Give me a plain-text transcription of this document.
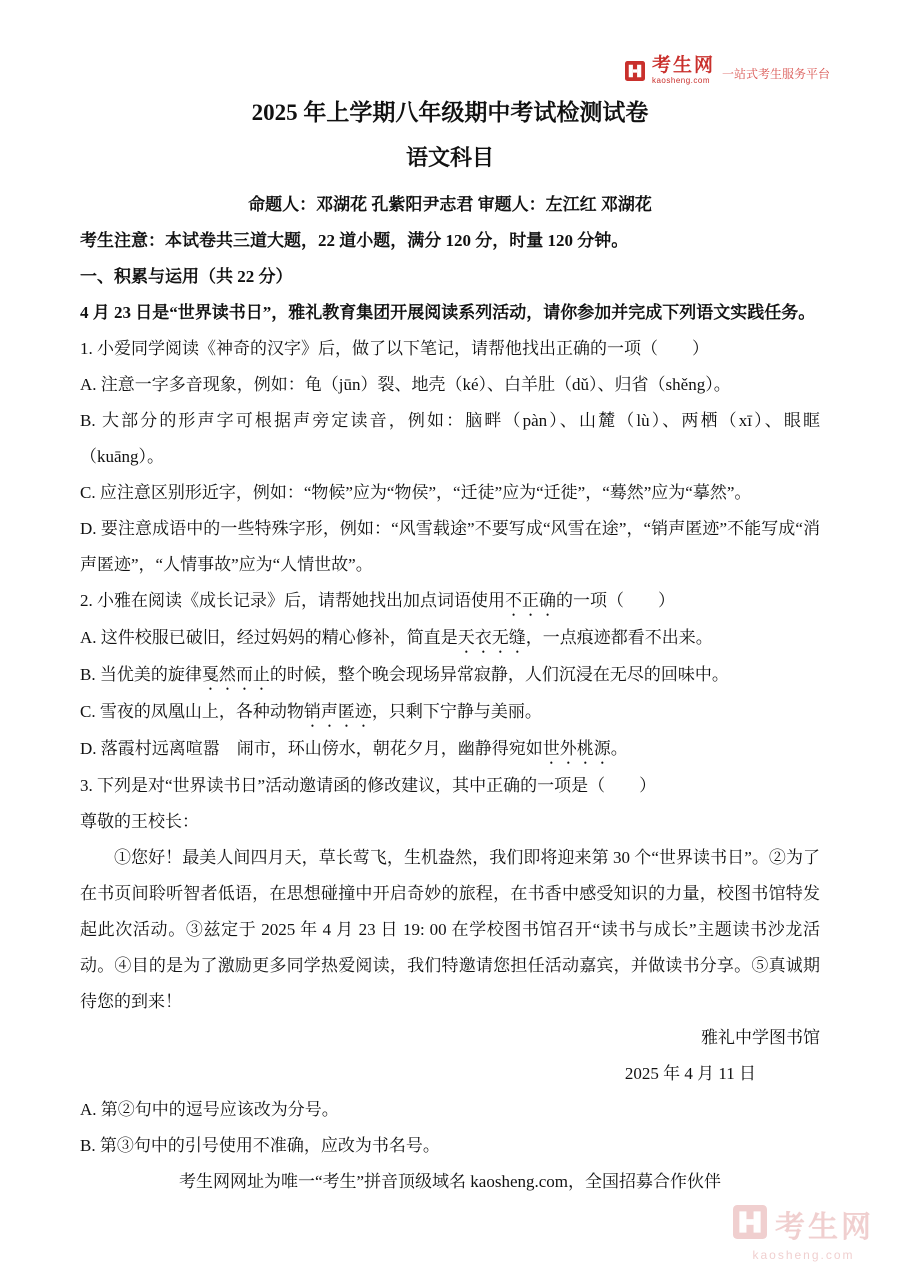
考生网
kaosheng.com 一站式考生服务平台
2025 年上学期八年级期中考试检测试卷
语文科目

命题人：邓湖花 孔紫阳尹志君 审题人：左江红 邓湖花

考生注意：本试卷共三道大题，22 道小题，满分 120 分，时量 120 分钟。

一、积累与运用（共 22 分）

4 月 23 日是“世界读书日”，雅礼教育集团开展阅读系列活动，请你参加并完成下列语文实践任务。

1. 小爱同学阅读《神奇的汉字》后，做了以下笔记，请帮他找出正确的一项（　　）

A. 注意一字多音现象，例如：龟（jūn）裂、地壳（ké）、白羊肚（dǔ）、归省（shěng）。

B. 大部分的形声字可根据声旁定读音，例如：脑畔（pàn）、山麓（lù）、两栖（xī）、眼眶（kuāng）。

C. 应注意区别形近字，例如：“物候”应为“物侯”，“迁徒”应为“迁徙”，“蓦然”应为“摹然”。

D. 要注意成语中的一些特殊字形，例如：“风雪载途”不要写成“风雪在途”，“销声匿迹”不能写成“消声匿迹”，“人情事故”应为“人情世故”。

2. 小雅在阅读《成长记录》后，请帮她找出加点词语使用不正确的一项（　　）

A. 这件校服已破旧，经过妈妈的精心修补，简直是天衣无缝，一点痕迹都看不出来。

B. 当优美的旋律戛然而止的时候，整个晚会现场异常寂静，人们沉浸在无尽的回味中。

C. 雪夜的凤凰山上，各种动物销声匿迹，只剩下宁静与美丽。

D. 落霞村远离喧嚣　闹市，环山傍水，朝花夕月，幽静得宛如世外桃源。

3. 下列是对“世界读书日”活动邀请函的修改建议，其中正确的一项是（　　）

尊敬的王校长：

①您好！最美人间四月天，草长莺飞，生机盎然，我们即将迎来第 30 个“世界读书日”。②为了在书页间聆听智者低语，在思想碰撞中开启奇妙的旅程，在书香中感受知识的力量，校图书馆特发起此次活动。③兹定于 2025 年 4 月 23 日 19: 00 在学校图书馆召开“读书与成长”主题读书沙龙活动。④目的是为了激励更多同学热爱阅读，我们特邀请您担任活动嘉宾，并做读书分享。⑤真诚期待您的到来！

雅礼中学图书馆

2025 年 4 月 11 日

A. 第②句中的逗号应该改为分号。

B. 第③句中的引号使用不准确，应改为书名号。

考生网网址为唯一“考生”拼音顶级域名 kaosheng.com，全国招募合作伙伴

考生网
kaosheng.com
